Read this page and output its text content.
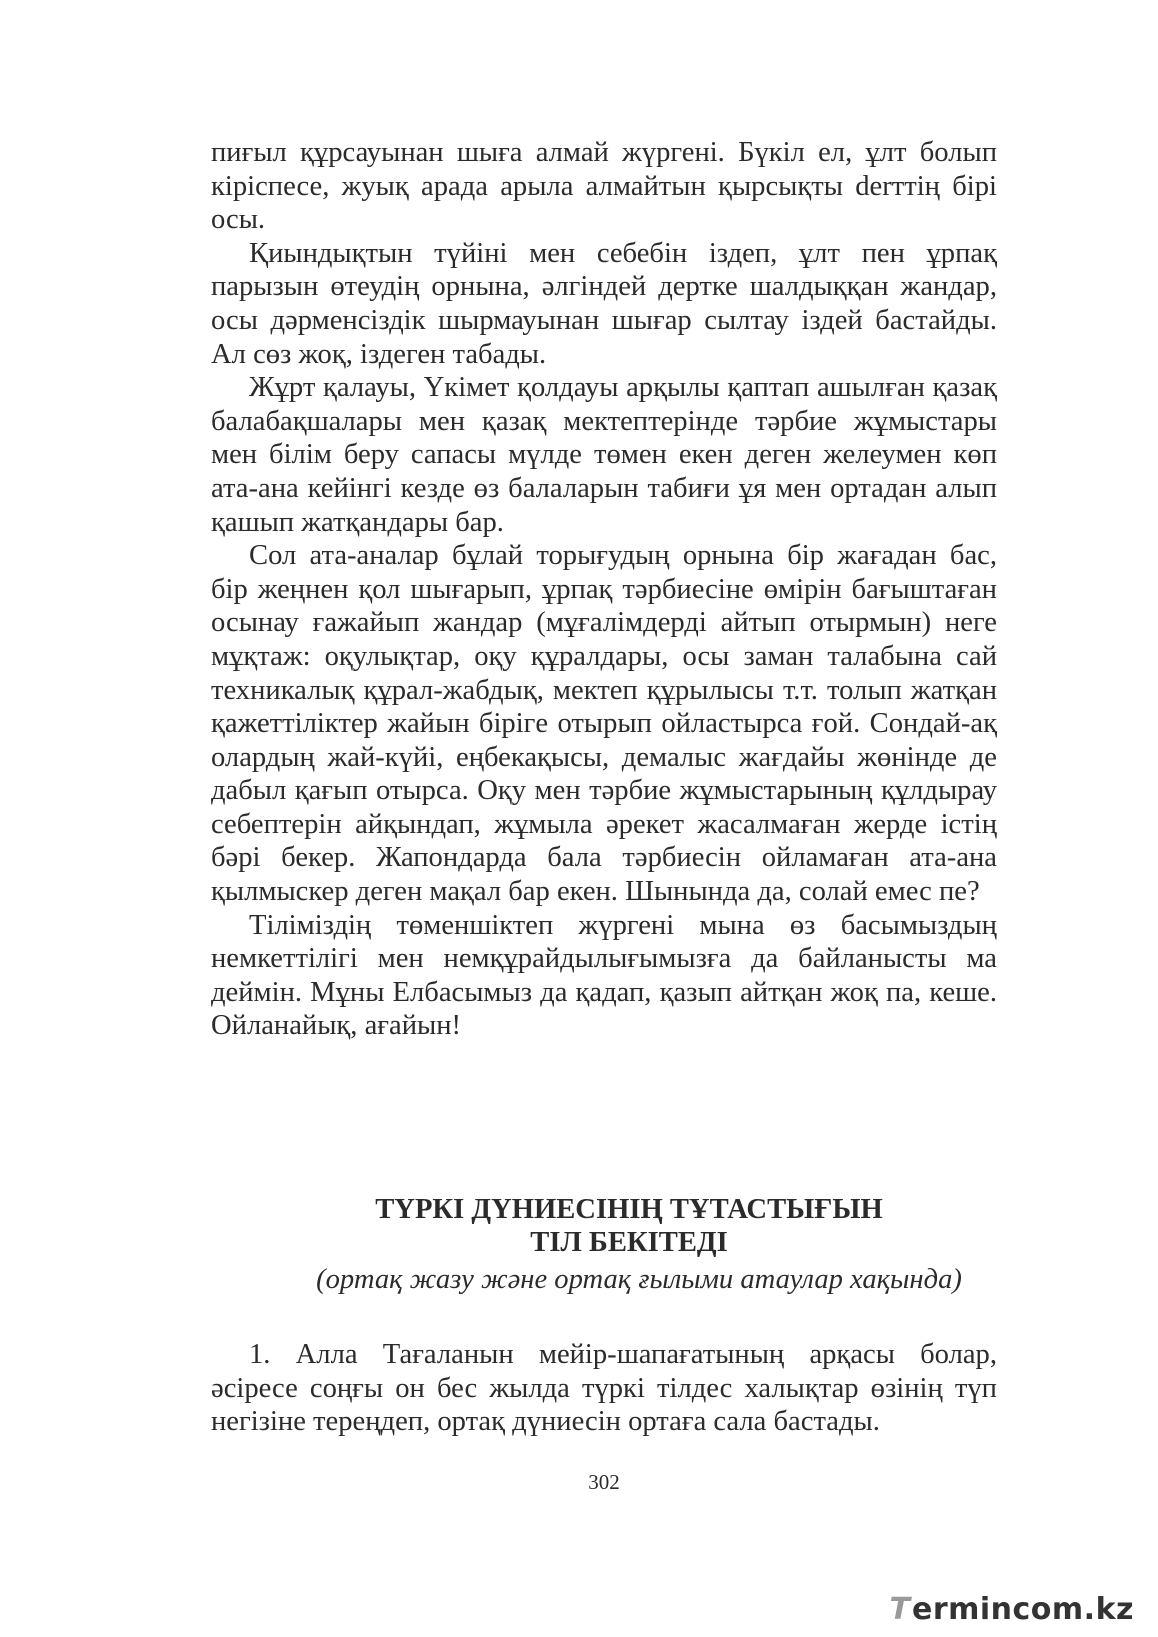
пиғыл құрсауынан шыға алмай жүргені. Бүкіл ел, ұлт болып кіріспесе, жуық арада арыла алмайтын қырсықты derттің бірі осы.

Қиындықтын түйіні мен себебін іздеп, ұлт пен ұрпақ парызын өтеудің орнына, әлгіндей дертке шалдыққан жандар, осы дәрменсіздік шырмауынан шығар сылтау іздей бастайды. Ал сөз жоқ, іздеген табады.

Жұрт қалауы, Үкімет қолдауы арқылы қаптап ашылған қазақ балабақшалары мен қазақ мектептерінде тәрбие жұмыстары мен білім беру сапасы мүлде төмен екен деген желеумен көп ата-ана кейінгі кезде өз балаларын табиғи ұя мен ортадан алып қашып жатқандары бар.

Сол ата-аналар бұлай торығудың орнына бір жағадан бас, бір жеңнен қол шығарып, ұрпақ тәрбиесіне өмірін бағыштаған осынау ғажайып жандар (мұғалімдерді айтып отырмын) неге мұқтаж: оқулықтар, оқу құралдары, осы заман талабына сай техникалық құрал-жабдық, мектеп құрылысы т.т. толып жатқан қажеттіліктер жайын бірігe отырып ойластырса ғой. Сондай-ақ олардың жай-күйі, еңбекақысы, демалыс жағдайы жөнінде де дабыл қағып отырса. Оқу мен тәрбие жұмыстарының құлдырау себептерін айқындап, жұмыла әрекет жасалмаған жерде істің бәрі бекер. Жапондарда бала тәрбиесін ойламаған ата-ана қылмыскер деген мақал бар екен. Шынында да, солай емес пе?

Тіліміздің төменшіктеп жүргені мына өз басымыздың немкеттілігі мен немқұрайдылығымызға да байланысты ма деймін. Мұны Елбасымыз да қадап, қазып айтқан жоқ па, кеше. Ойланайық, ағайын!

ТҮРКІ ДҮНИЕСІНІҢ ТҰТАСТЫҒЫН
ТІЛ БЕКІТЕДІ
(ортақ жазу және ортақ ғылыми атаулар хақында)

1. Алла Тағаланын мейір-шапағатының арқасы болар, әсіресе соңғы он бес жылда түркі тілдес халықтар өзінің түп негізіне тереңдеп, ортақ дүниесін ортаға сала бастады.

302
T ermincom.kz
